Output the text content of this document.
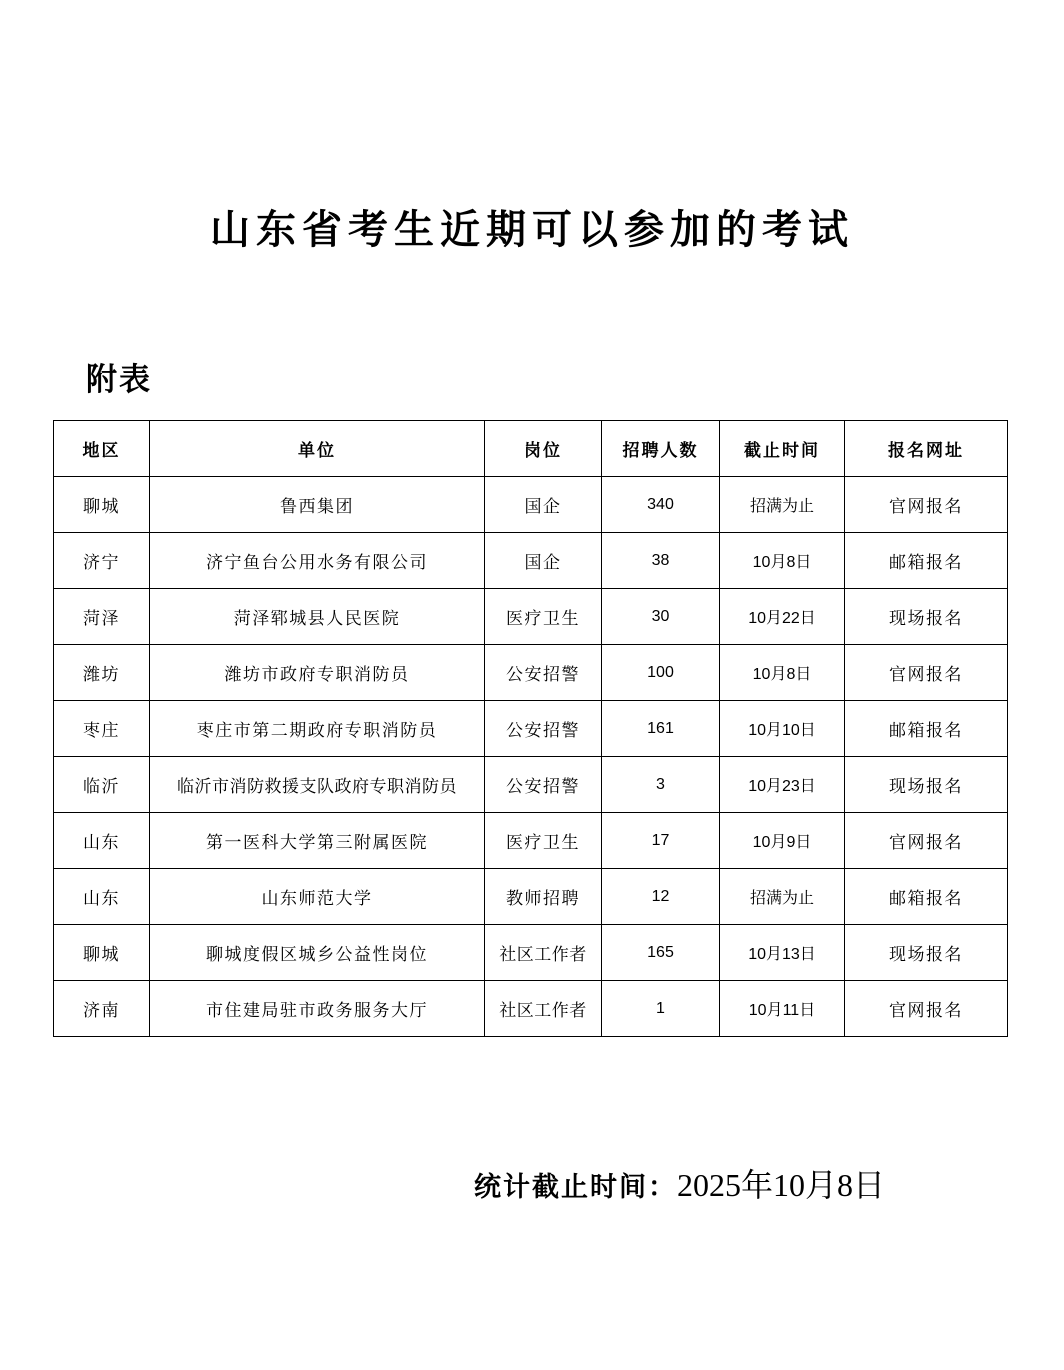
山东省考生近期可以参加的考试
附表
地区	单位	岗位	招聘人数	截止时间	报名网址
聊城	鲁西集团	国企	340	招满为止	官网报名
济宁	济宁鱼台公用水务有限公司	国企	38	10月8日	邮箱报名
菏泽	菏泽郓城县人民医院	医疗卫生	30	10月22日	现场报名
潍坊	潍坊市政府专职消防员	公安招警	100	10月8日	官网报名
枣庄	枣庄市第二期政府专职消防员	公安招警	161	10月10日	邮箱报名
临沂	临沂市消防救援支队政府专职消防员	公安招警	3	10月23日	现场报名
山东	第一医科大学第三附属医院	医疗卫生	17	10月9日	官网报名
山东	山东师范大学	教师招聘	12	招满为止	邮箱报名
聊城	聊城度假区城乡公益性岗位	社区工作者	165	10月13日	现场报名
济南	市住建局驻市政务服务大厅	社区工作者	1	10月11日	官网报名
统计截止时间：2025年10月8日
